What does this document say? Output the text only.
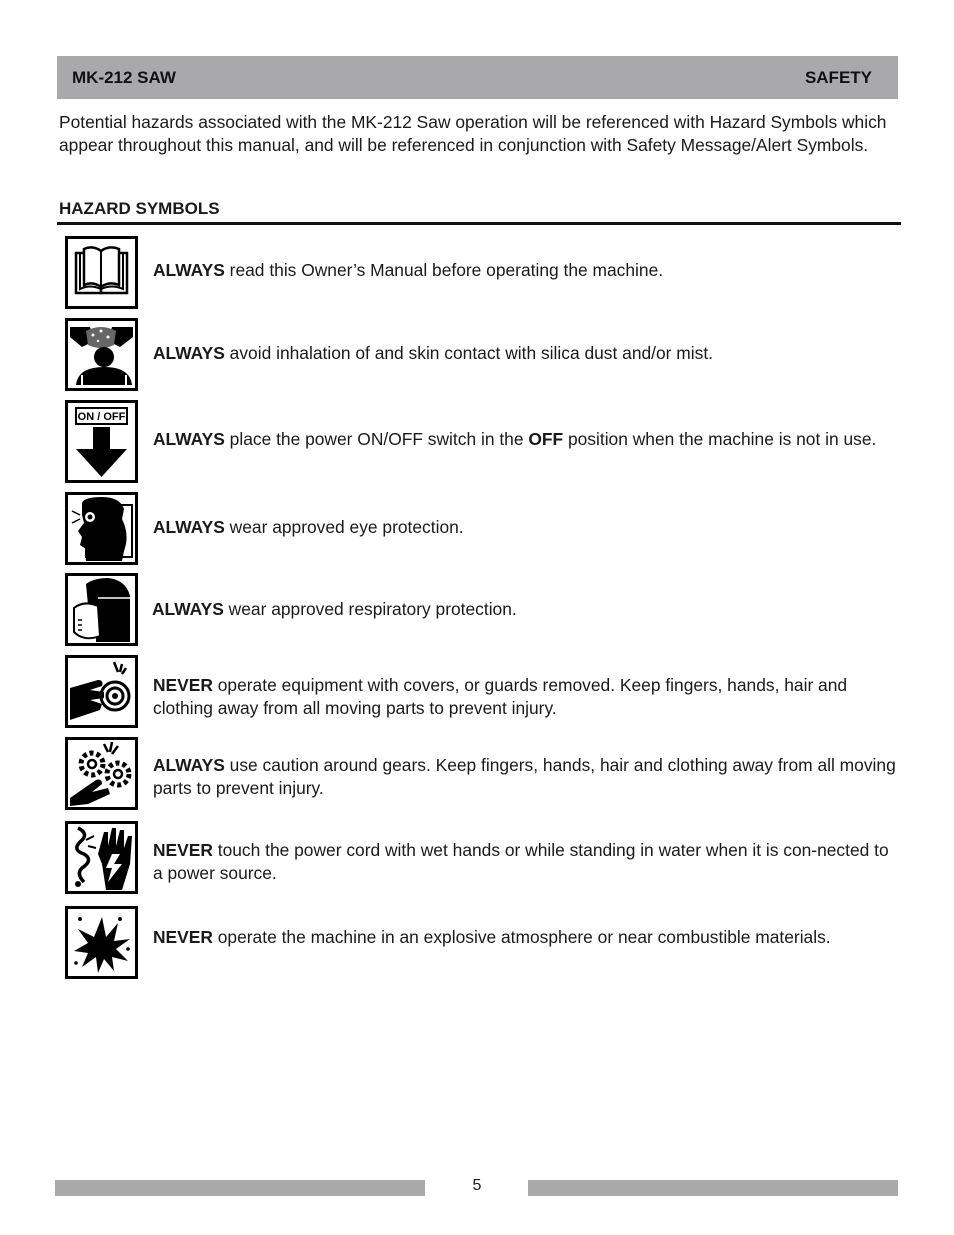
MK-212 SAW	SAFETY

Potential hazards associated with the MK-212 Saw operation will be referenced with Hazard Symbols which appear throughout this manual, and will be referenced in conjunction with Safety Message/Alert Symbols.

HAZARD SYMBOLS

ALWAYS read this Owner’s Manual before operating the machine.
ALWAYS avoid inhalation of and skin contact with silica dust and/or mist.
ON / OFF
ALWAYS place the power ON/OFF switch in the OFF position when the machine is not in use.
ALWAYS wear approved eye protection.
ALWAYS wear approved respiratory protection.
NEVER operate equipment with covers, or guards removed. Keep fingers, hands, hair and clothing away from all moving parts to prevent injury.
ALWAYS use caution around gears. Keep fingers, hands, hair and clothing away from all moving parts to prevent injury.
NEVER touch the power cord with wet hands or while standing in water when it is con-nected to a power source.
NEVER operate the machine in an explosive atmosphere or near combustible materials.
5
